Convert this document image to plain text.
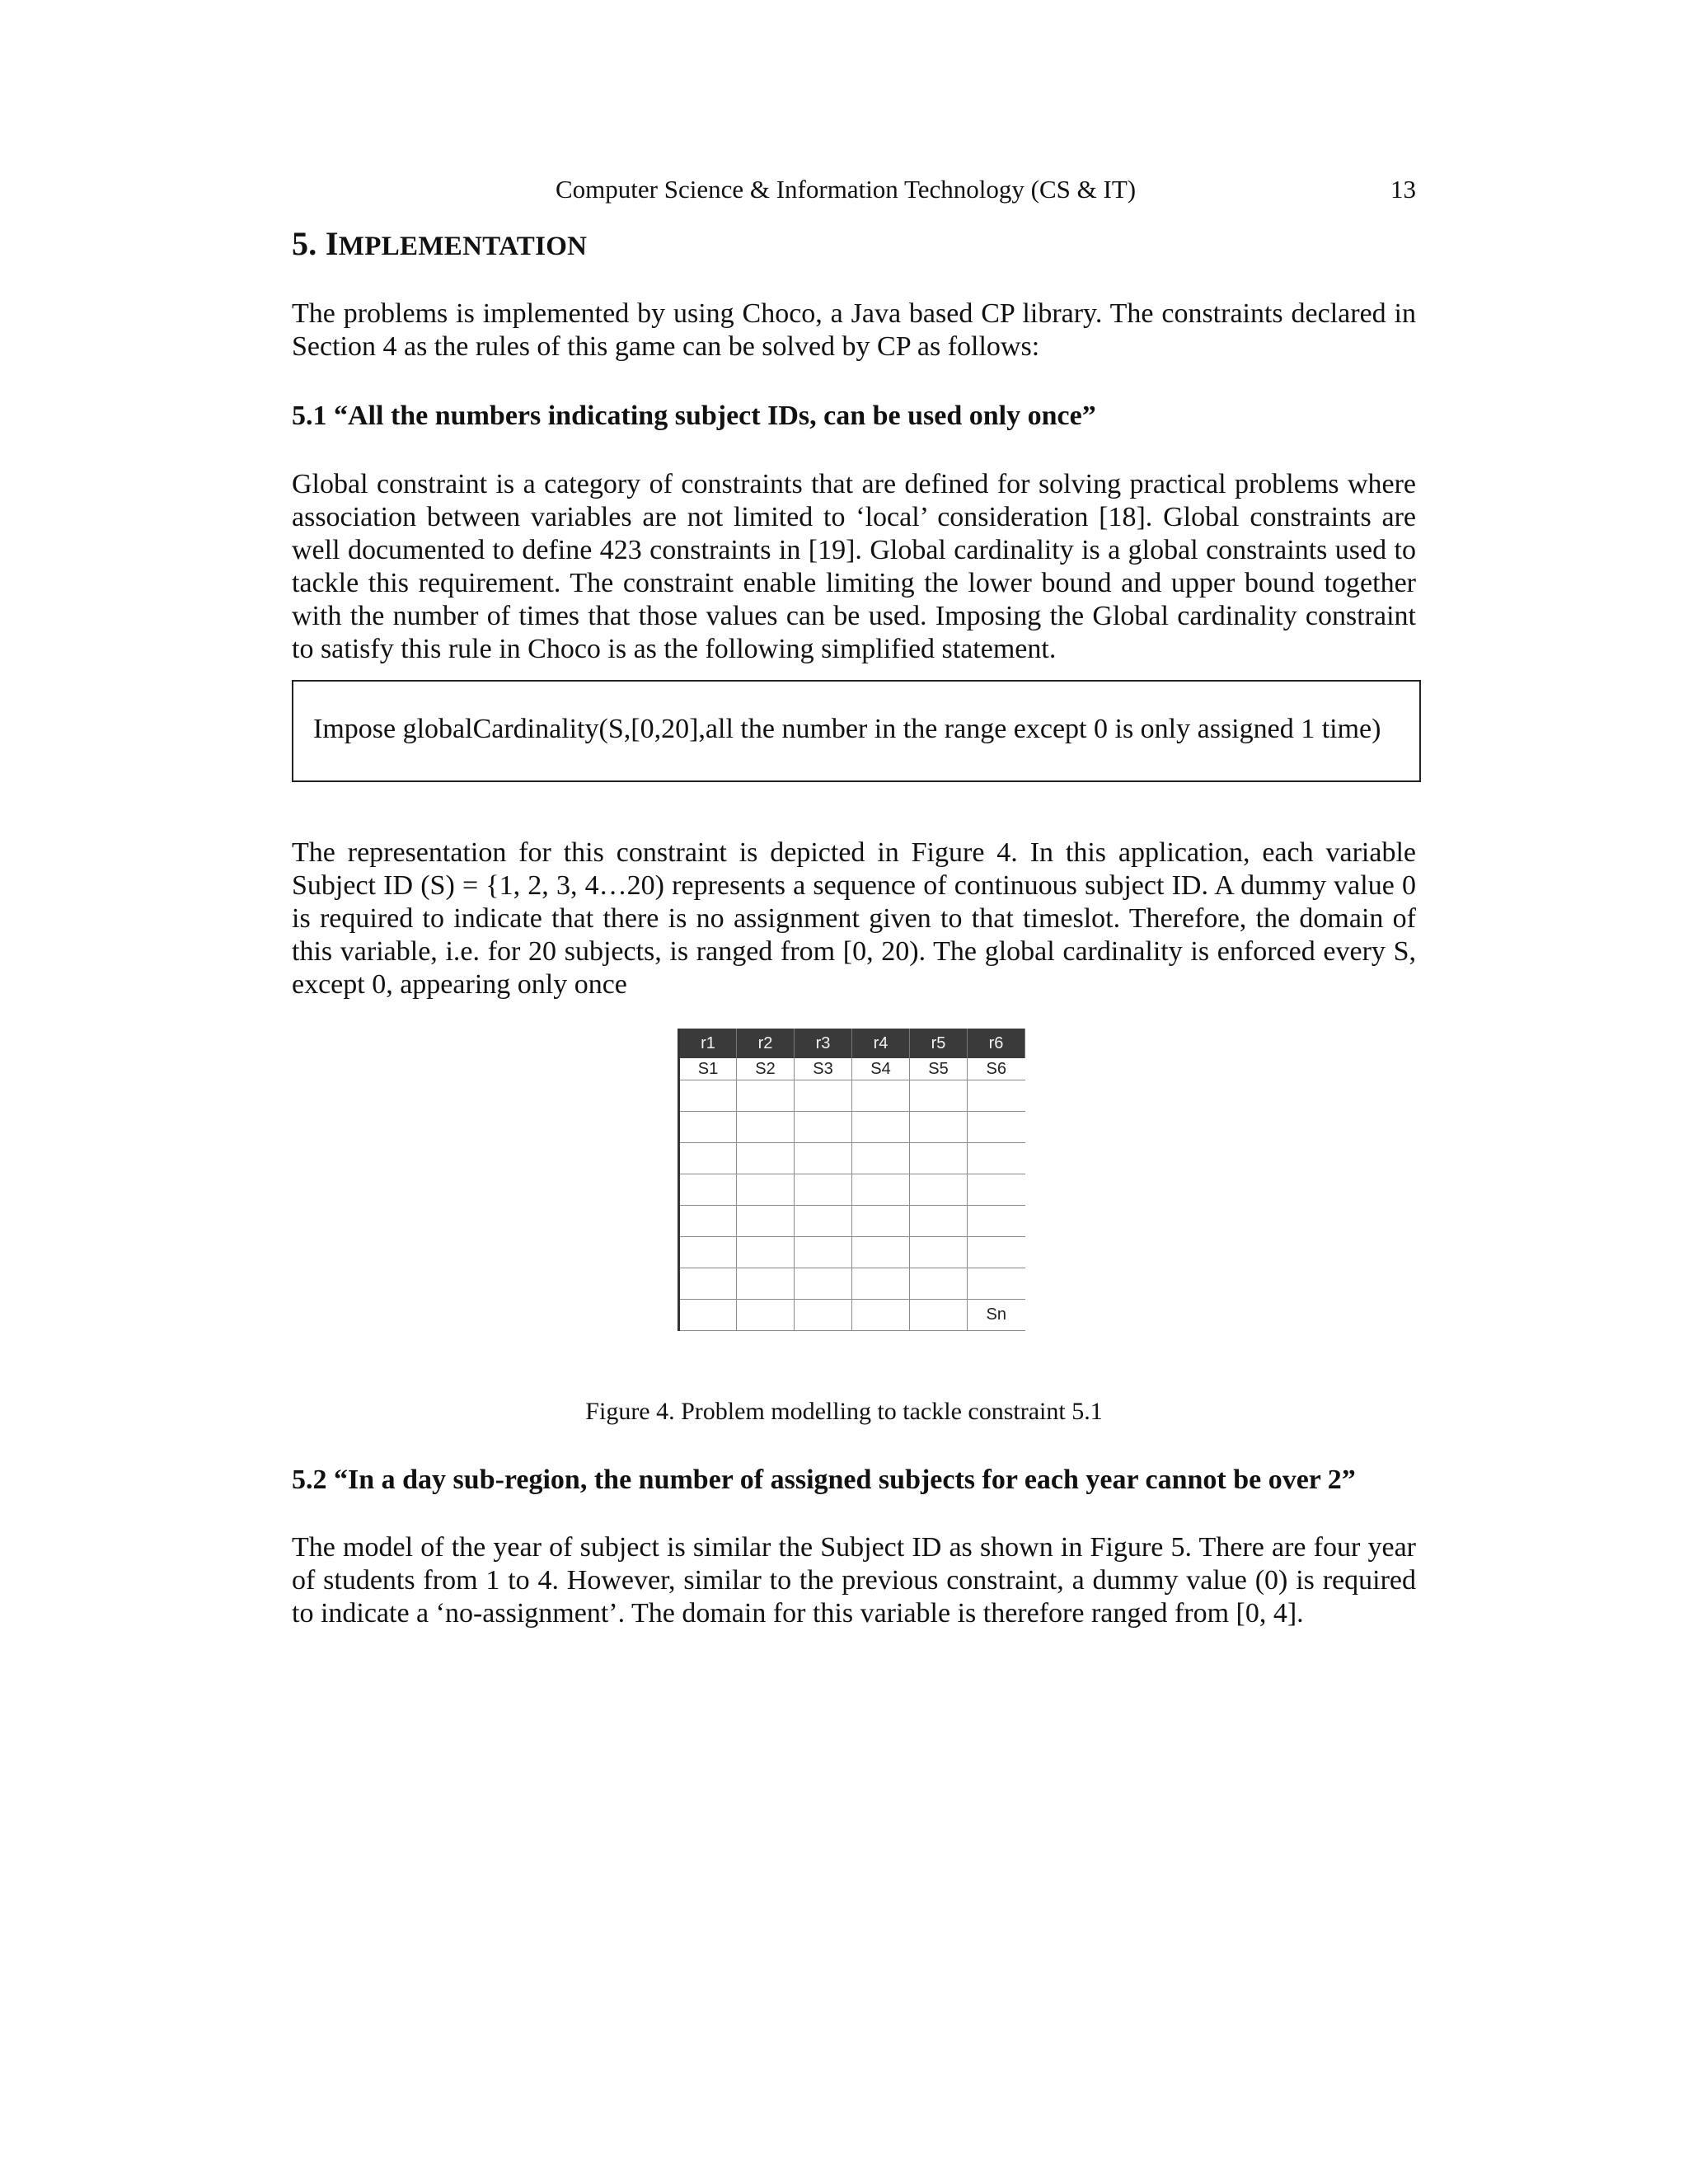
Computer Science & Information Technology (CS & IT)	13
5. IMPLEMENTATION

The problems is implemented by using Choco, a Java based CP library. The constraints declared in Section 4 as the rules of this game can be solved by CP as follows:

5.1 “All the numbers indicating subject IDs, can be used only once”

Global constraint is a category of constraints that are defined for solving practical problems where association between variables are not limited to ‘local’ consideration [18]. Global constraints are well documented to define 423 constraints in [19]. Global cardinality is a global constraints used to tackle this requirement. The constraint enable limiting the lower bound and upper bound together with the number of times that those values can be used. Imposing the Global cardinality constraint to satisfy this rule in Choco is as the following simplified statement.

Impose globalCardinality(S,[0,20],all the number in the range except 0 is only assigned 1 time)

The representation for this constraint is depicted in Figure 4. In this application, each variable Subject ID (S) = {1, 2, 3, 4…20) represents a sequence of continuous subject ID. A dummy value 0 is required to indicate that there is no assignment given to that timeslot. Therefore, the domain of this variable, i.e. for 20 subjects, is ranged from [0, 20). The global cardinality is enforced every S, except 0, appearing only once

r1	r2	r3	r4	r5	r6
S1	S2	S3	S4	S5	S6

					Sn
Figure 4. Problem modelling to tackle constraint 5.1

5.2 “In a day sub-region, the number of assigned subjects for each year cannot be over 2”

The model of the year of subject is similar the Subject ID as shown in Figure 5. There are four year of students from 1 to 4. However, similar to the previous constraint, a dummy value (0) is required to indicate a ‘no-assignment’. The domain for this variable is therefore ranged from [0, 4].
